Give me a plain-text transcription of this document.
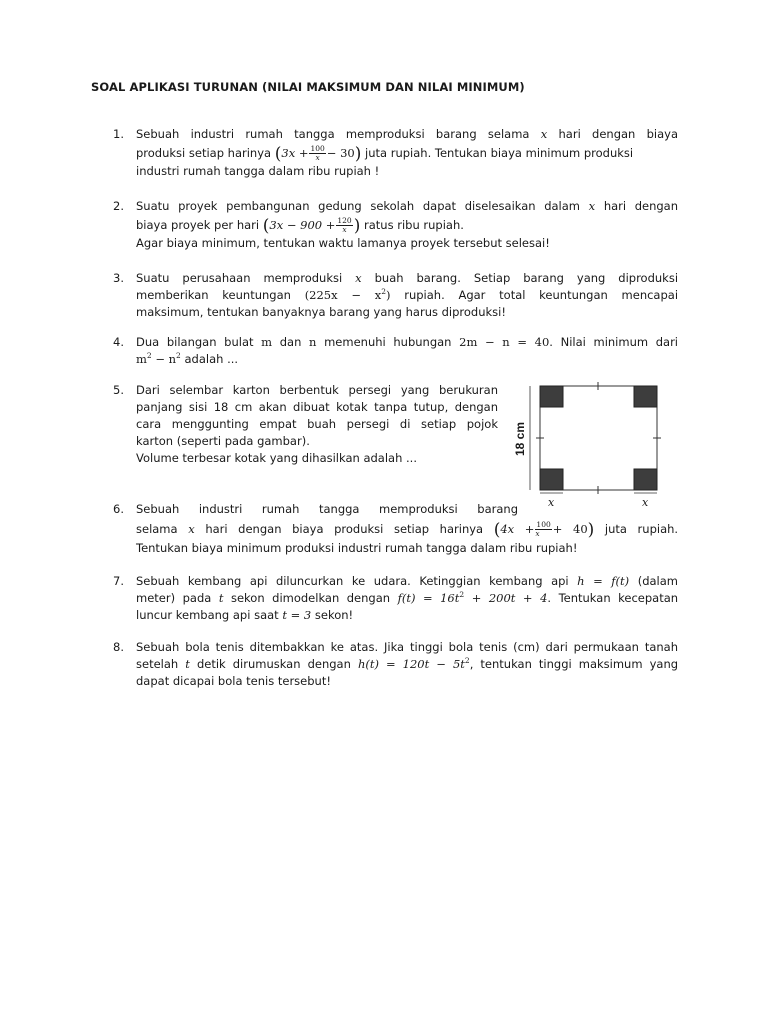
SOAL APLIKASI TURUNAN (NILAI MAKSIMUM DAN NILAI MINIMUM)
1.	Sebuah industri rumah tangga memproduksi barang selama x hari dengan biaya
produksi setiap harinya $(3x + \frac{100}{x} - 30)$ juta rupiah. Tentukan biaya minimum produksi
industri rumah tangga dalam ribu rupiah !
2.	Suatu proyek pembangunan gedung sekolah dapat diselesaikan dalam x hari dengan
biaya proyek per hari ($3x - 900 + \frac{120}{x}$ ) ratus ribu rupiah.
Agar biaya minimum, tentukan waktu lamanya proyek tersebut selesai!
3.	Suatu perusahaan memproduksi x buah barang. Setiap barang yang diproduksi
memberikan keuntungan $(225x - x^2)$ rupiah. Agar total keuntungan mencapai
maksimum, tentukan banyaknya barang yang harus diproduksi!
4.	Dua bilangan bulat m dan n memenuhi hubungan 2m − n = 40. Nilai minimum dari
$m^2 - n^2$ adalah ...
5.	Dari selembar karton berbentuk persegi yang berukuran
panjang sisi 18 cm akan dibuat kotak tanpa tutup, dengan
cara menggunting empat buah persegi di setiap pojok
karton (seperti pada gambar).
Volume terbesar kotak yang dihasilkan adalah ...
18 cm
x	x
6.	Sebuah industri rumah tangga memproduksi barang
selama x hari dengan biaya produksi setiap harinya $(4x + \frac{100}{x} + 40)$ juta rupiah.
Tentukan biaya minimum produksi industri rumah tangga dalam ribu rupiah!
7.	Sebuah kembang api diluncurkan ke udara. Ketinggian kembang api h = f(t) (dalam
meter) pada t sekon dimodelkan dengan $f(t) = 16t^2 + 200t + 4$. Tentukan kecepatan
luncur kembang api saat t = 3 sekon!
8.	Sebuah bola tenis ditembakkan ke atas. Jika tinggi bola tenis (cm) dari permukaan tanah
setelah t detik dirumuskan dengan $h(t) = 120t - 5t^2$, tentukan tinggi maksimum yang
dapat dicapai bola tenis tersebut!
